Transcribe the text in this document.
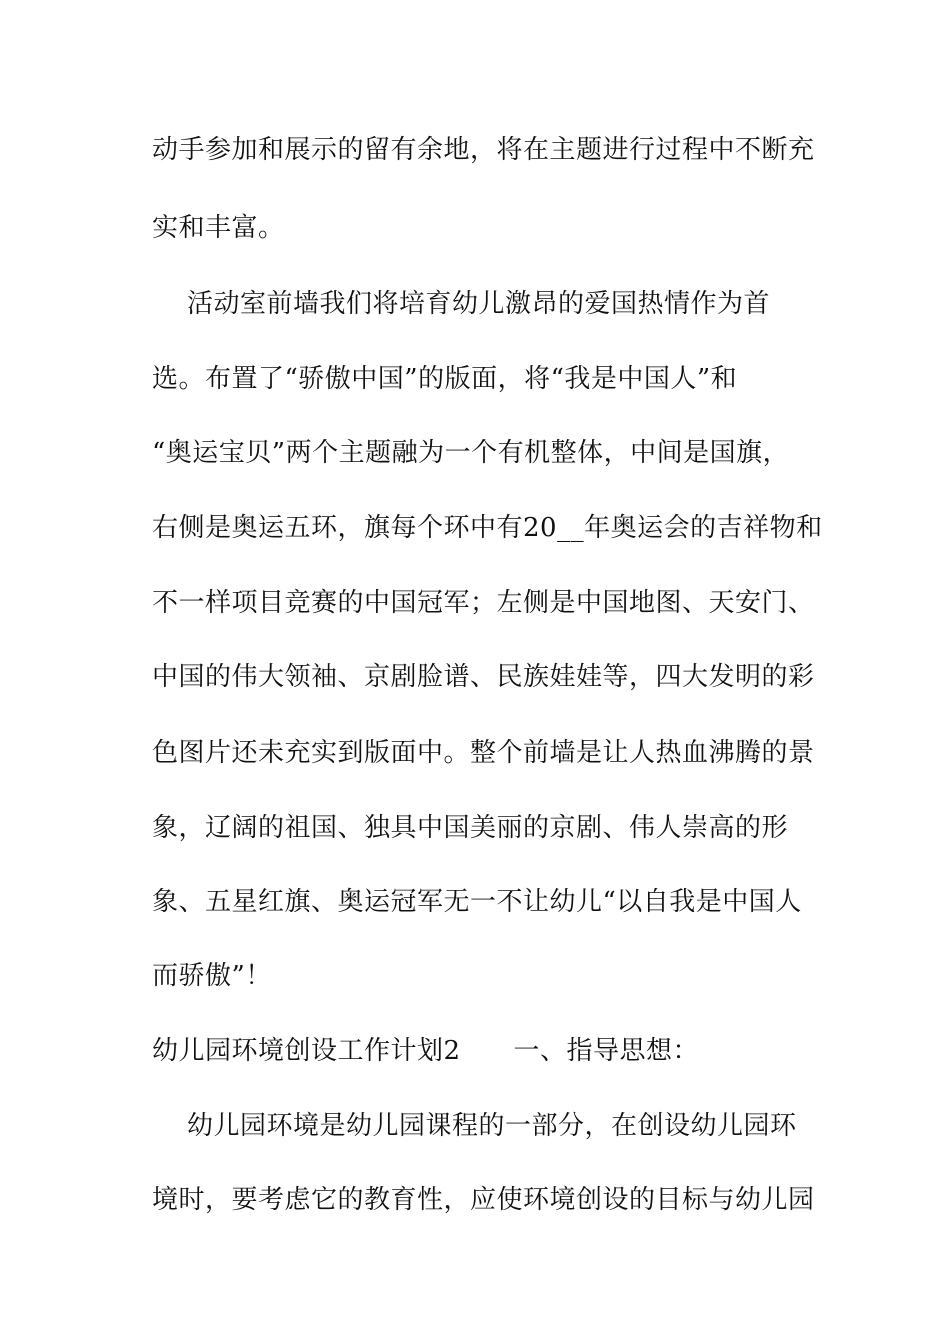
动手参加和展示的留有余地，将在主题进行过程中不断充
实和丰富。
活动室前墙我们将培育幼儿激昂的爱国热情作为首
选。布置了“骄傲中国”的版面，将“我是中国人”和
“奥运宝贝”两个主题融为一个有机整体，中间是国旗，
右侧是奥运五环，旗每个环中有20__年奥运会的吉祥物和
不一样项目竞赛的中国冠军；左侧是中国地图、天安门、
中国的伟大领袖、京剧脸谱、民族娃娃等，四大发明的彩
色图片还未充实到版面中。整个前墙是让人热血沸腾的景
象，辽阔的祖国、独具中国美丽的京剧、伟人崇高的形
象、五星红旗、奥运冠军无一不让幼儿“以自我是中国人
而骄傲”！
幼儿园环境创设工作计划2　　一、指导思想：
幼儿园环境是幼儿园课程的一部分，在创设幼儿园环
境时，要考虑它的教育性，应使环境创设的目标与幼儿园
